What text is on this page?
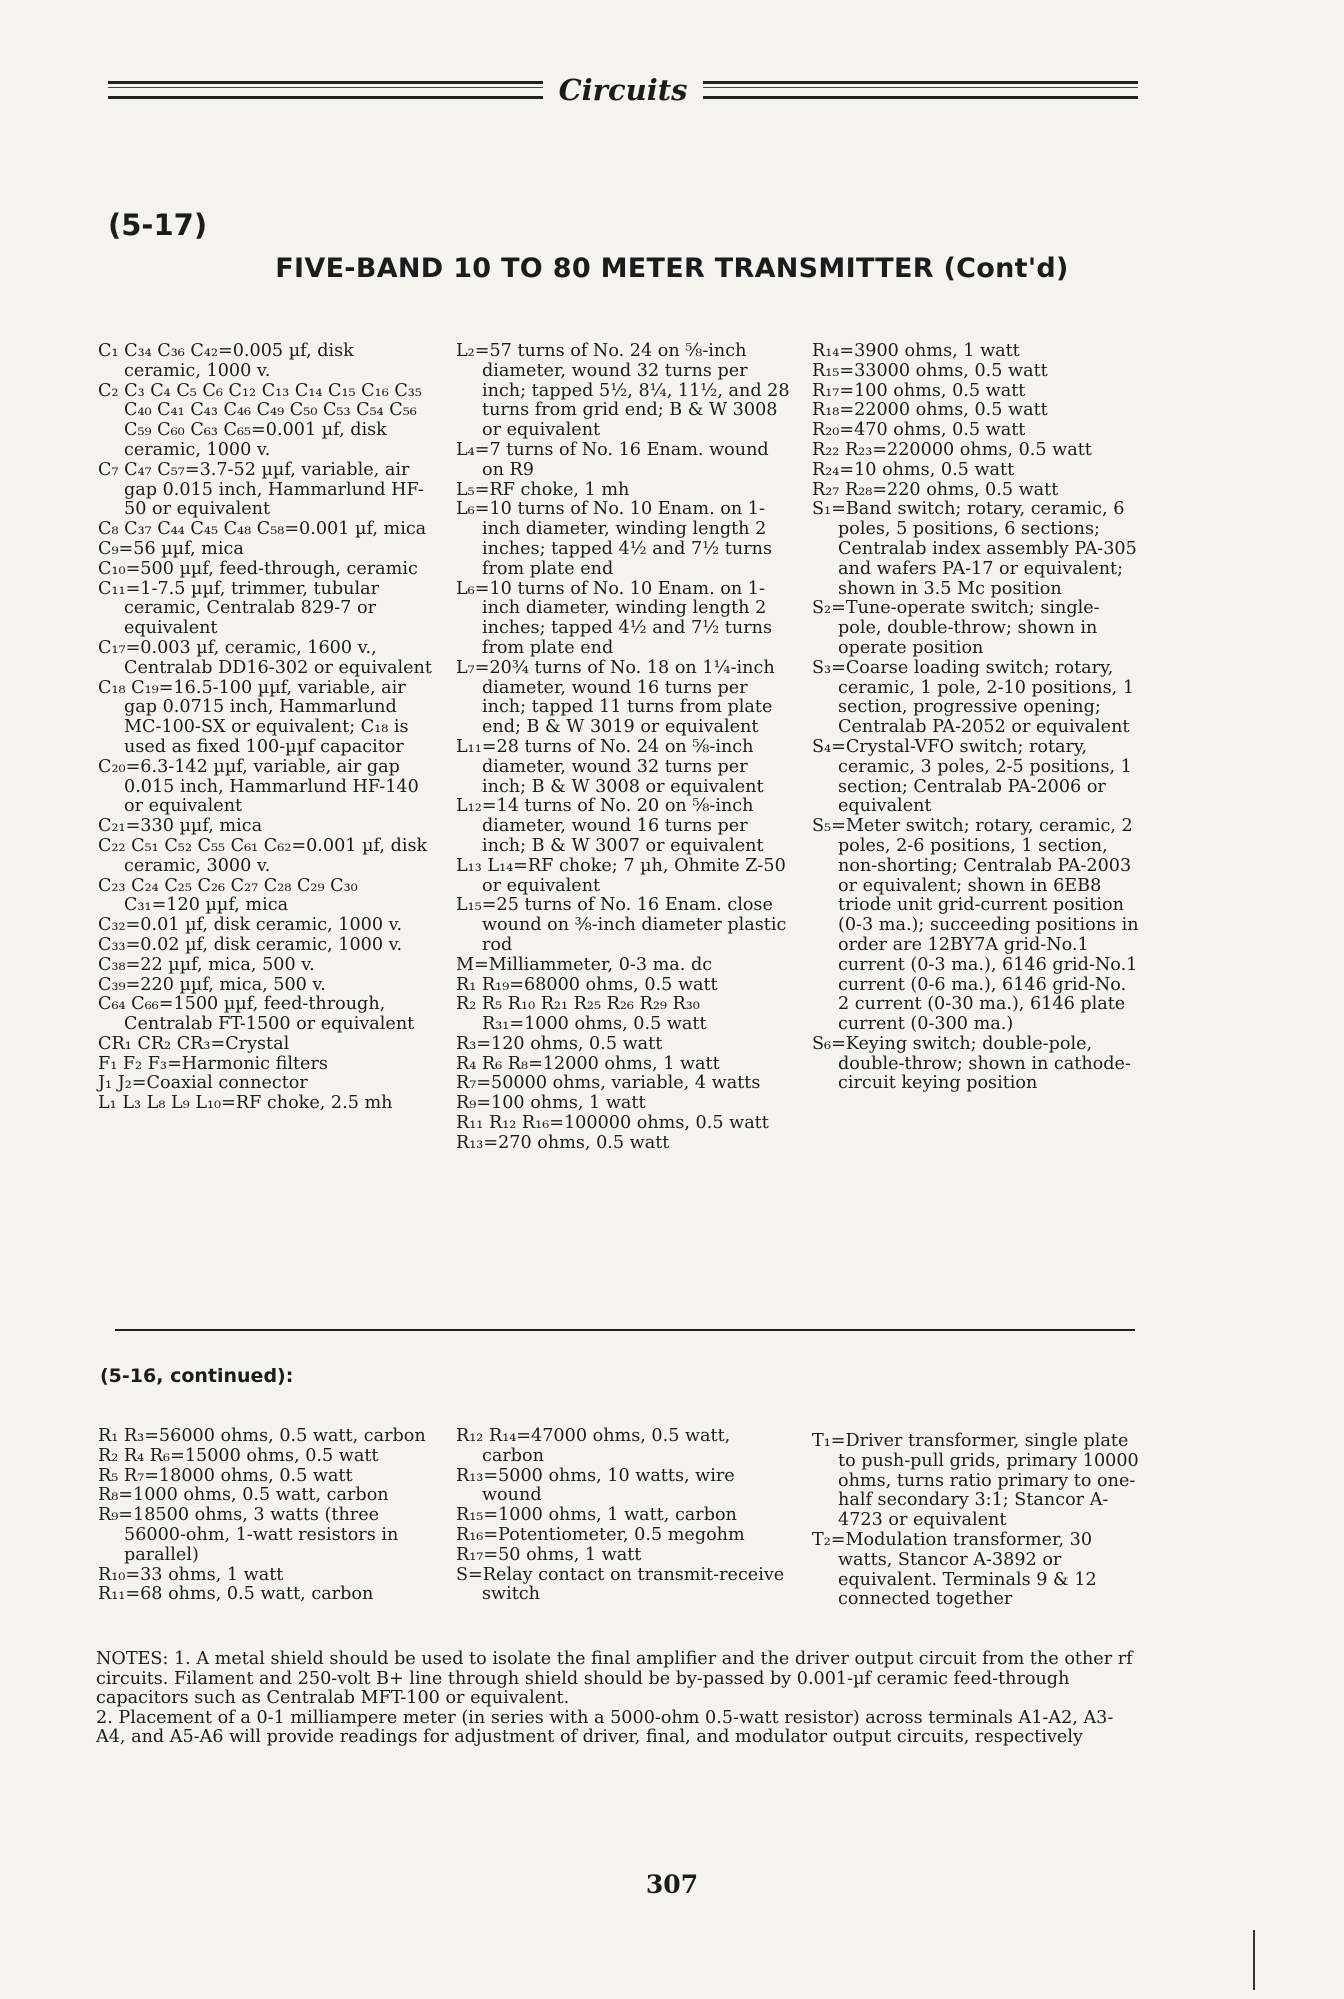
Circuits
(5-17)
FIVE-BAND 10 TO 80 METER TRANSMITTER (Cont'd)

C₁ C₃₄ C₃₆ C₄₂=0.005 µf, disk ceramic, 1000 v.

C₂ C₃ C₄ C₅ C₆ C₁₂ C₁₃ C₁₄ C₁₅ C₁₆ C₃₅ C₄₀ C₄₁ C₄₃ C₄₆ C₄₉ C₅₀ C₅₃ C₅₄ C₅₆ C₅₉ C₆₀ C₆₃ C₆₅=0.001 µf, disk ceramic, 1000 v.

C₇ C₄₇ C₅₇=3.7-52 µµf, variable, air gap 0.015 inch, Hammarlund HF-50 or equivalent

C₈ C₃₇ C₄₄ C₄₅ C₄₈ C₅₈=0.001 µf, mica

C₉=56 µµf, mica

C₁₀=500 µµf, feed-through, ceramic

C₁₁=1-7.5 µµf, trimmer, tubular ceramic, Centralab 829-7 or equivalent

C₁₇=0.003 µf, ceramic, 1600 v., Centralab DD16-302 or equivalent

C₁₈ C₁₉=16.5-100 µµf, variable, air gap 0.0715 inch, Hammarlund MC-100-SX or equivalent; C₁₈ is used as fixed 100-µµf capacitor

C₂₀=6.3-142 µµf, variable, air gap 0.015 inch, Hammarlund HF-140 or equivalent

C₂₁=330 µµf, mica

C₂₂ C₅₁ C₅₂ C₅₅ C₆₁ C₆₂=0.001 µf, disk ceramic, 3000 v.

C₂₃ C₂₄ C₂₅ C₂₆ C₂₇ C₂₈ C₂₉ C₃₀ C₃₁=120 µµf, mica

C₃₂=0.01 µf, disk ceramic, 1000 v.

C₃₃=0.02 µf, disk ceramic, 1000 v.

C₃₈=22 µµf, mica, 500 v.

C₃₉=220 µµf, mica, 500 v.

C₆₄ C₆₆=1500 µµf, feed-through, Centralab FT-1500 or equivalent

CR₁ CR₂ CR₃=Crystal

F₁ F₂ F₃=Harmonic filters

J₁ J₂=Coaxial connector

L₁ L₃ L₈ L₉ L₁₀=RF choke, 2.5 mh

L₂=57 turns of No. 24 on ⅝-inch diameter, wound 32 turns per inch; tapped 5½, 8¼, 11½, and 28 turns from grid end; B & W 3008 or equivalent

L₄=7 turns of No. 16 Enam. wound on R9

L₅=RF choke, 1 mh

L₆=10 turns of No. 10 Enam. on 1-inch diameter, winding length 2 inches; tapped 4½ and 7½ turns from plate end

L₆=10 turns of No. 10 Enam. on 1-inch diameter, winding length 2 inches; tapped 4½ and 7½ turns from plate end

L₇=20¾ turns of No. 18 on 1¼-inch diameter, wound 16 turns per inch; tapped 11 turns from plate end; B & W 3019 or equivalent

L₁₁=28 turns of No. 24 on ⅝-inch diameter, wound 32 turns per inch; B & W 3008 or equivalent

L₁₂=14 turns of No. 20 on ⅝-inch diameter, wound 16 turns per inch; B & W 3007 or equivalent

L₁₃ L₁₄=RF choke; 7 µh, Ohmite Z-50 or equivalent

L₁₅=25 turns of No. 16 Enam. close wound on ⅜-inch diameter plastic rod

M=Milliammeter, 0-3 ma. dc

R₁ R₁₉=68000 ohms, 0.5 watt

R₂ R₅ R₁₀ R₂₁ R₂₅ R₂₆ R₂₉ R₃₀ R₃₁=1000 ohms, 0.5 watt

R₃=120 ohms, 0.5 watt

R₄ R₆ R₈=12000 ohms, 1 watt

R₇=50000 ohms, variable, 4 watts

R₉=100 ohms, 1 watt

R₁₁ R₁₂ R₁₆=100000 ohms, 0.5 watt

R₁₃=270 ohms, 0.5 watt

R₁₄=3900 ohms, 1 watt

R₁₅=33000 ohms, 0.5 watt

R₁₇=100 ohms, 0.5 watt

R₁₈=22000 ohms, 0.5 watt

R₂₀=470 ohms, 0.5 watt

R₂₂ R₂₃=220000 ohms, 0.5 watt

R₂₄=10 ohms, 0.5 watt

R₂₇ R₂₈=220 ohms, 0.5 watt

S₁=Band switch; rotary, ceramic, 6 poles, 5 positions, 6 sections; Centralab index assembly PA-305 and wafers PA-17 or equivalent; shown in 3.5 Mc position

S₂=Tune-operate switch; single-pole, double-throw; shown in operate position

S₃=Coarse loading switch; rotary, ceramic, 1 pole, 2-10 positions, 1 section, progressive opening; Centralab PA-2052 or equivalent

S₄=Crystal-VFO switch; rotary, ceramic, 3 poles, 2-5 positions, 1 section; Centralab PA-2006 or equivalent

S₅=Meter switch; rotary, ceramic, 2 poles, 2-6 positions, 1 section, non-shorting; Centralab PA-2003 or equivalent; shown in 6EB8 triode unit grid-current position (0-3 ma.); succeeding positions in order are 12BY7A grid-No.1 current (0-3 ma.), 6146 grid-No.1 current (0-6 ma.), 6146 grid-No. 2 current (0-30 ma.), 6146 plate current (0-300 ma.)

S₆=Keying switch; double-pole, double-throw; shown in cathode-circuit keying position

(5-16, continued):

R₁ R₃=56000 ohms, 0.5 watt, carbon

R₂ R₄ R₆=15000 ohms, 0.5 watt

R₅ R₇=18000 ohms, 0.5 watt

R₈=1000 ohms, 0.5 watt, carbon

R₉=18500 ohms, 3 watts (three 56000-ohm, 1-watt resistors in parallel)

R₁₀=33 ohms, 1 watt

R₁₁=68 ohms, 0.5 watt, carbon

R₁₂ R₁₄=47000 ohms, 0.5 watt, carbon

R₁₃=5000 ohms, 10 watts, wire wound

R₁₅=1000 ohms, 1 watt, carbon

R₁₆=Potentiometer, 0.5 megohm

R₁₇=50 ohms, 1 watt

S=Relay contact on transmit-receive switch

T₁=Driver transformer, single plate to push-pull grids, primary 10000 ohms, turns ratio primary to one-half secondary 3:1; Stancor A-4723 or equivalent

T₂=Modulation transformer, 30 watts, Stancor A-3892 or equivalent. Terminals 9 & 12 connected together

NOTES: 1. A metal shield should be used to isolate the final amplifier and the driver output circuit from the other rf circuits. Filament and 250-volt B+ line through shield should be by-passed by 0.001-µf ceramic feed-through capacitors such as Centralab MFT-100 or equivalent.

2. Placement of a 0-1 milliampere meter (in series with a 5000-ohm 0.5-watt resistor) across terminals A1-A2, A3-A4, and A5-A6 will provide readings for adjustment of driver, final, and modulator output circuits, respectively

307
